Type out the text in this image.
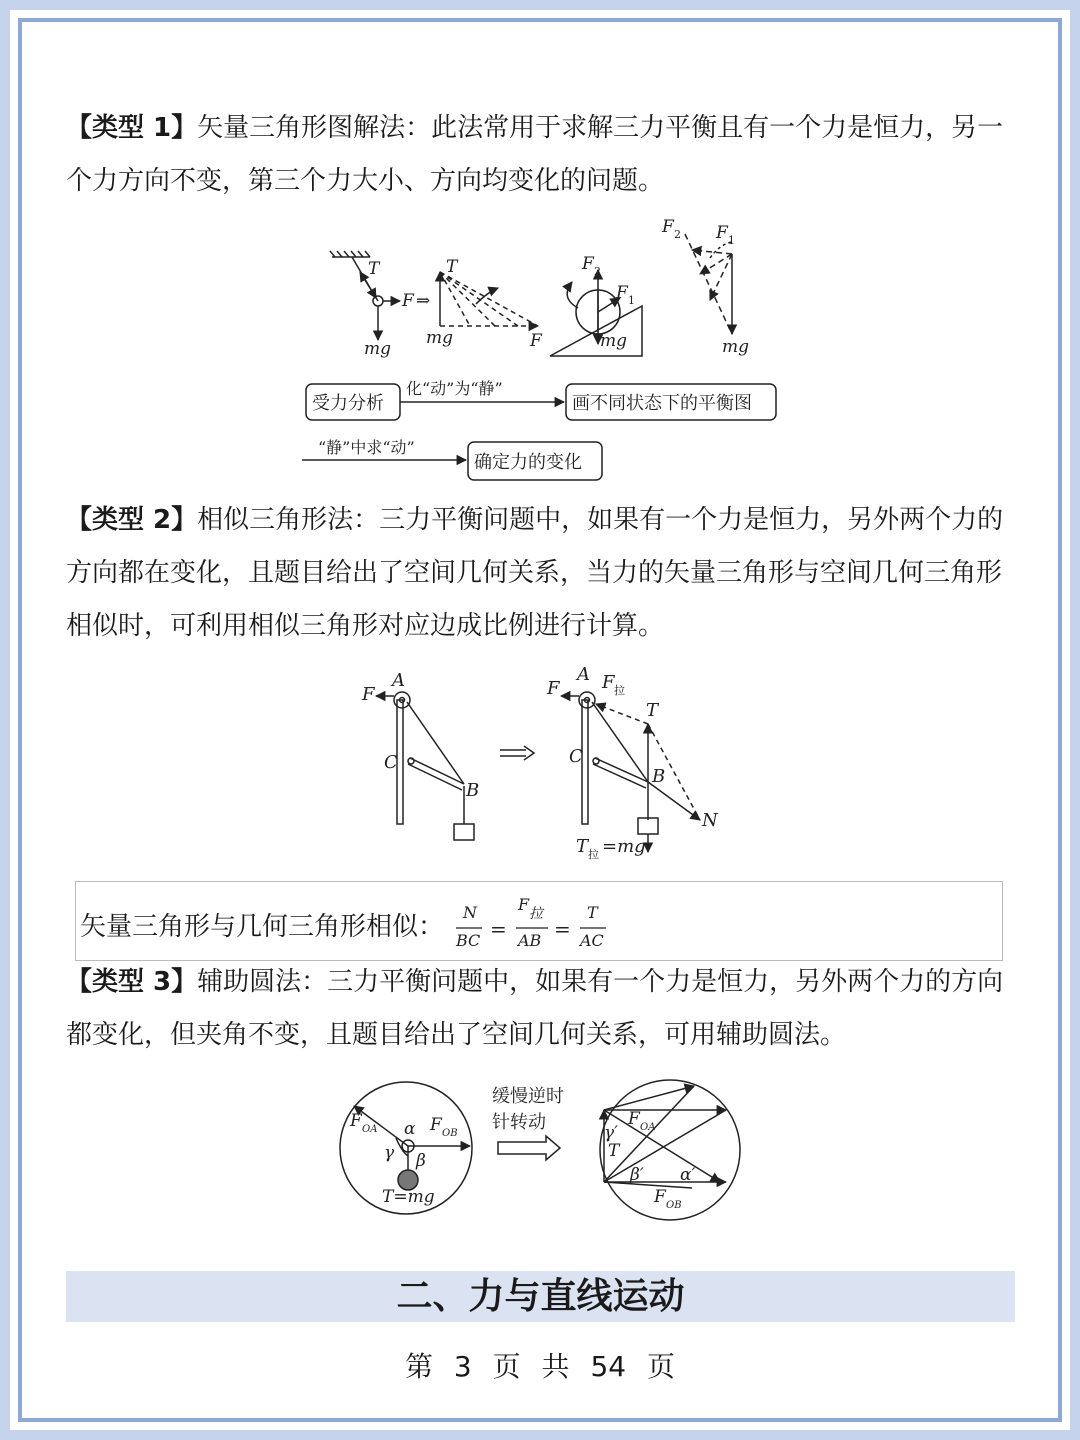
【类型 1】矢量三角形图解法：此法常用于求解三力平衡且有一个力是恒力，另一个力方向不变，第三个力大小、方向均变化的问题。

T
F ⇒
mg
T
mg	F
F 2
F 1
mg
F 2 F 1
mg
受力分析
化“动”为“静”
画不同状态下的平衡图
“静”中求“动”
确定力的变化

【类型 2】相似三角形法：三力平衡问题中，如果有一个力是恒力，另外两个力的方向都在变化，且题目给出了空间几何关系，当力的矢量三角形与空间几何三角形相似时，可利用相似三角形对应边成比例进行计算。

A
F
C
B
A
F F 拉
T
C
B
N
T 拉 =mg
矢量三角形与几何三角形相似： N
BC =
F 拉
AB =
T
AC

【类型 3】辅助圆法：三力平衡问题中，如果有一个力是恒力，另外两个力的方向都变化，但夹角不变，且题目给出了空间几何关系，可用辅助圆法。

F OA α F OB
γ β
T=mg
F OA
γ′
T
β′ α′
F OB
缓慢逆时
针转动
二、力与直线运动
第 3 页 共 54 页
